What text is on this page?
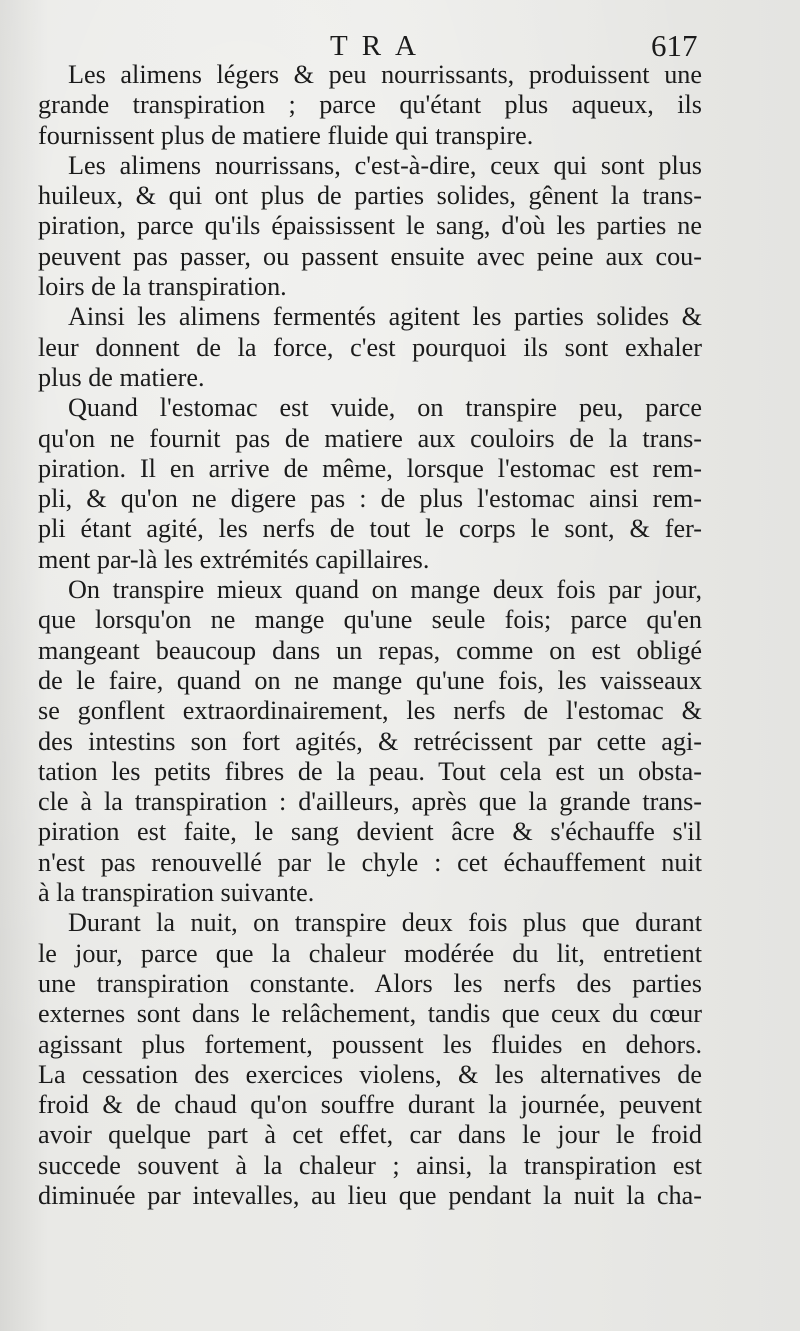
TRA	617
Les alimens légers & peu nourrissants, produissent une
grande transpiration ; parce qu'étant plus aqueux, ils
fournissent plus de matiere fluide qui transpire.
Les alimens nourrissans, c'est-à-dire, ceux qui sont plus
huileux, & qui ont plus de parties solides, gênent la trans-
piration, parce qu'ils épaississent le sang, d'où les parties ne
peuvent pas passer, ou passent ensuite avec peine aux cou-
loirs de la transpiration.
Ainsi les alimens fermentés agitent les parties solides &
leur donnent de la force, c'est pourquoi ils sont exhaler
plus de matiere.
Quand l'estomac est vuide, on transpire peu, parce
qu'on ne fournit pas de matiere aux couloirs de la trans-
piration. Il en arrive de même, lorsque l'estomac est rem-
pli, & qu'on ne digere pas : de plus l'estomac ainsi rem-
pli étant agité, les nerfs de tout le corps le sont, & fer-
ment par-là les extrémités capillaires.
On transpire mieux quand on mange deux fois par jour,
que lorsqu'on ne mange qu'une seule fois; parce qu'en
mangeant beaucoup dans un repas, comme on est obligé
de le faire, quand on ne mange qu'une fois, les vaisseaux
se gonflent extraordinairement, les nerfs de l'estomac &
des intestins son fort agités, & retrécissent par cette agi-
tation les petits fibres de la peau. Tout cela est un obsta-
cle à la transpiration : d'ailleurs, après que la grande trans-
piration est faite, le sang devient âcre & s'échauffe s'il
n'est pas renouvellé par le chyle : cet échauffement nuit
à la transpiration suivante.
Durant la nuit, on transpire deux fois plus que durant
le jour, parce que la chaleur modérée du lit, entretient
une transpiration constante. Alors les nerfs des parties
externes sont dans le relâchement, tandis que ceux du cœur
agissant plus fortement, poussent les fluides en dehors.
La cessation des exercices violens, & les alternatives de
froid & de chaud qu'on souffre durant la journée, peuvent
avoir quelque part à cet effet, car dans le jour le froid
succede souvent à la chaleur ; ainsi, la transpiration est
diminuée par intevalles, au lieu que pendant la nuit la cha-
